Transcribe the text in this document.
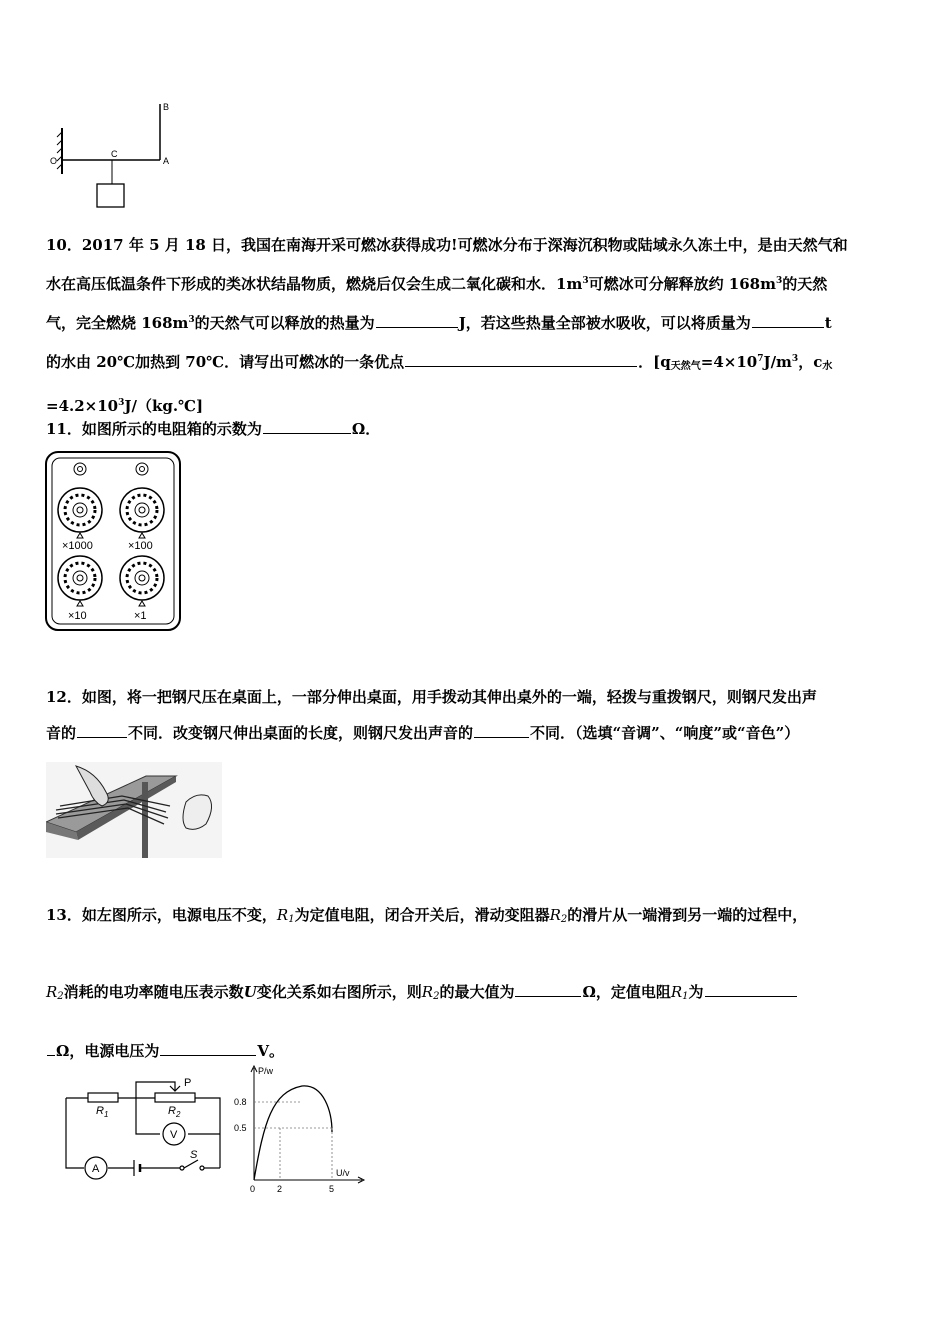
B
O
C
A
10．2017 年 5 月 18 日，我国在南海开采可燃冰获得成功!可燃冰分布于深海沉积物或陆域永久冻土中，是由天然气和
水在高压低温条件下形成的类冰状结晶物质，燃烧后仅会生成二氧化碳和水．$1m^3$可燃冰可分解释放约 $168m^3$的天然
气，完全燃烧 $168m^3$的天然气可以释放的热量为	J，若这些热量全部被水吸收，可以将质量为	t
的水由 20℃加热到 70℃．请写出可燃冰的一条优点	．[$q_{天然气}=4\times 10^7J/m^3$，$c_水$
$=4.2\times 10^3J/(kg.℃]$
11．如图所示的电阻箱的示数为	Ω．
×1000	×100
×10	×1
12．如图，将一把钢尺压在桌面上，一部分伸出桌面，用手拨动其伸出桌外的一端，轻拨与重拨钢尺，则钢尺发出声
音的	不同．改变钢尺伸出桌面的长度，则钢尺发出声音的	不同．（选填“音调”、“响度”或“音色”）
13．如左图所示，电源电压不变，$R_1$为定值电阻，闭合开关后，滑动变阻器$R_2$的滑片从一端滑到另一端的过程中，
$R_2$消耗的电功率随电压表示数U变化关系如右图所示，则$R_2$的最大值为	Ω，定值电阻$R_1$为
Ω，电源电压为	V。
P
$R_1$	$R_2$
V
A
S
P/w
U/v
0.8
0.5
0 2	5
